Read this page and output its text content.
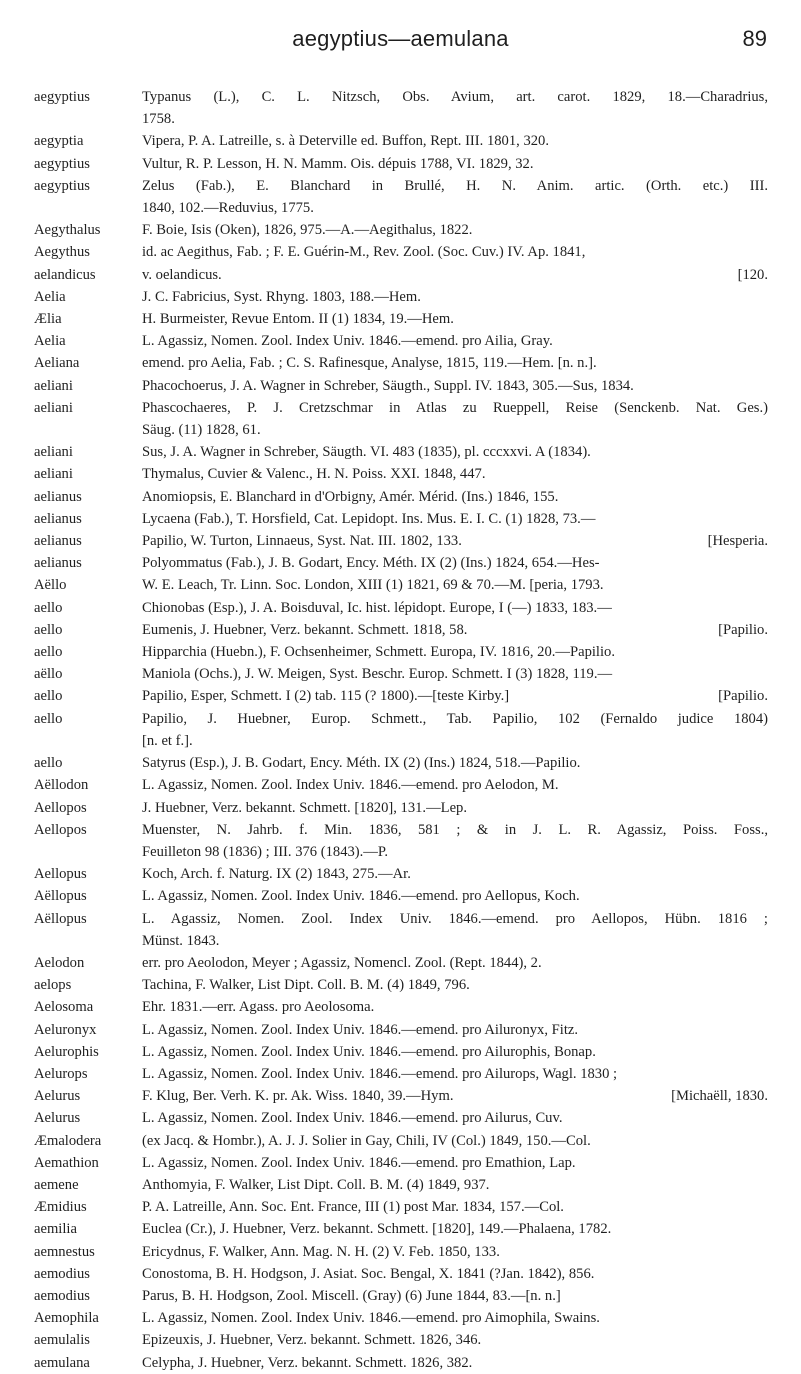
aegyptius—aemulana	89
aegyptius	Typanus (L.), C. L. Nitzsch, Obs. Avium, art. carot. 1829, 18.—Charadrius,
1758.
aegyptia	Vipera, P. A. Latreille, s. à Deterville ed. Buffon, Rept. III. 1801, 320.
aegyptius	Vultur, R. P. Lesson, H. N. Mamm. Ois. dépuis 1788, VI. 1829, 32.
aegyptius	Zelus (Fab.), E. Blanchard in Brullé, H. N. Anim. artic. (Orth. etc.) III.
1840, 102.—Reduvius, 1775.
Aegythalus	F. Boie, Isis (Oken), 1826, 975.—A.—Aegithalus, 1822.
Aegythus	id. ac Aegithus, Fab. ; F. E. Guérin-M., Rev. Zool. (Soc. Cuv.) IV. Ap. 1841,
aelandicus	v. oelandicus.	[120.
Aelia	J. C. Fabricius, Syst. Rhyng. 1803, 188.—Hem.
Ælia	H. Burmeister, Revue Entom. II (1) 1834, 19.—Hem.
Aelia	L. Agassiz, Nomen. Zool. Index Univ. 1846.—emend. pro Ailia, Gray.
Aeliana	emend. pro Aelia, Fab. ; C. S. Rafinesque, Analyse, 1815, 119.—Hem. [n. n.].
aeliani	Phacochoerus, J. A. Wagner in Schreber, Säugth., Suppl. IV. 1843, 305.—Sus, 1834.
aeliani	Phascochaeres, P. J. Cretzschmar in Atlas zu Rueppell, Reise (Senckenb. Nat. Ges.)
Säug. (11) 1828, 61.
aeliani	Sus, J. A. Wagner in Schreber, Säugth. VI. 483 (1835), pl. cccxxvi. A (1834).
aeliani	Thymalus, Cuvier & Valenc., H. N. Poiss. XXI. 1848, 447.
aelianus	Anomiopsis, E. Blanchard in d'Orbigny, Amér. Mérid. (Ins.) 1846, 155.
aelianus	Lycaena (Fab.), T. Horsfield, Cat. Lepidopt. Ins. Mus. E. I. C. (1) 1828, 73.—
aelianus	Papilio, W. Turton, Linnaeus, Syst. Nat. III. 1802, 133.	[Hesperia.
aelianus	Polyommatus (Fab.), J. B. Godart, Ency. Méth. IX (2) (Ins.) 1824, 654.—Hes-
Aëllo	W. E. Leach, Tr. Linn. Soc. London, XIII (1) 1821, 69 & 70.—M. [peria, 1793.
aello	Chionobas (Esp.), J. A. Boisduval, Ic. hist. lépidopt. Europe, I (—) 1833, 183.—
aello	Eumenis, J. Huebner, Verz. bekannt. Schmett. 1818, 58.	[Papilio.
aello	Hipparchia (Huebn.), F. Ochsenheimer, Schmett. Europa, IV. 1816, 20.—Papilio.
aëllo	Maniola (Ochs.), J. W. Meigen, Syst. Beschr. Europ. Schmett. I (3) 1828, 119.—
aello	Papilio, Esper, Schmett. I (2) tab. 115 (? 1800).—[teste Kirby.]	[Papilio.
aello	Papilio, J. Huebner, Europ. Schmett., Tab. Papilio, 102 (Fernaldo judice 1804)
[n. et f.].
aello	Satyrus (Esp.), J. B. Godart, Ency. Méth. IX (2) (Ins.) 1824, 518.—Papilio.
Aëllodon	L. Agassiz, Nomen. Zool. Index Univ. 1846.—emend. pro Aelodon, M.
Aellopos	J. Huebner, Verz. bekannt. Schmett. [1820], 131.—Lep.
Aellopos	Muenster, N. Jahrb. f. Min. 1836, 581 ; & in J. L. R. Agassiz, Poiss. Foss.,
Feuilleton 98 (1836) ; III. 376 (1843).—P.
Aellopus	Koch, Arch. f. Naturg. IX (2) 1843, 275.—Ar.
Aëllopus	L. Agassiz, Nomen. Zool. Index Univ. 1846.—emend. pro Aellopus, Koch.
Aëllopus	L. Agassiz, Nomen. Zool. Index Univ. 1846.—emend. pro Aellopos, Hübn. 1816 ;
Münst. 1843.
Aelodon	err. pro Aeolodon, Meyer ; Agassiz, Nomencl. Zool. (Rept. 1844), 2.
aelops	Tachina, F. Walker, List Dipt. Coll. B. M. (4) 1849, 796.
Aelosoma	Ehr. 1831.—err. Agass. pro Aeolosoma.
Aeluronyx	L. Agassiz, Nomen. Zool. Index Univ. 1846.—emend. pro Ailuronyx, Fitz.
Aelurophis	L. Agassiz, Nomen. Zool. Index Univ. 1846.—emend. pro Ailurophis, Bonap.
Aelurops	L. Agassiz, Nomen. Zool. Index Univ. 1846.—emend. pro Ailurops, Wagl. 1830 ;
Aelurus	F. Klug, Ber. Verh. K. pr. Ak. Wiss. 1840, 39.—Hym.	[Michaëll, 1830.
Aelurus	L. Agassiz, Nomen. Zool. Index Univ. 1846.—emend. pro Ailurus, Cuv.
Æmalodera	(ex Jacq. & Hombr.), A. J. J. Solier in Gay, Chili, IV (Col.) 1849, 150.—Col.
Aemathion	L. Agassiz, Nomen. Zool. Index Univ. 1846.—emend. pro Emathion, Lap.
aemene	Anthomyia, F. Walker, List Dipt. Coll. B. M. (4) 1849, 937.
Æmidius	P. A. Latreille, Ann. Soc. Ent. France, III (1) post Mar. 1834, 157.—Col.
aemilia	Euclea (Cr.), J. Huebner, Verz. bekannt. Schmett. [1820], 149.—Phalaena, 1782.
aemnestus	Ericydnus, F. Walker, Ann. Mag. N. H. (2) V. Feb. 1850, 133.
aemodius	Conostoma, B. H. Hodgson, J. Asiat. Soc. Bengal, X. 1841 (?Jan. 1842), 856.
aemodius	Parus, B. H. Hodgson, Zool. Miscell. (Gray) (6) June 1844, 83.—[n. n.]
Aemophila	L. Agassiz, Nomen. Zool. Index Univ. 1846.—emend. pro Aimophila, Swains.
aemulalis	Epizeuxis, J. Huebner, Verz. bekannt. Schmett. 1826, 346.
aemulana	Celypha, J. Huebner, Verz. bekannt. Schmett. 1826, 382.
